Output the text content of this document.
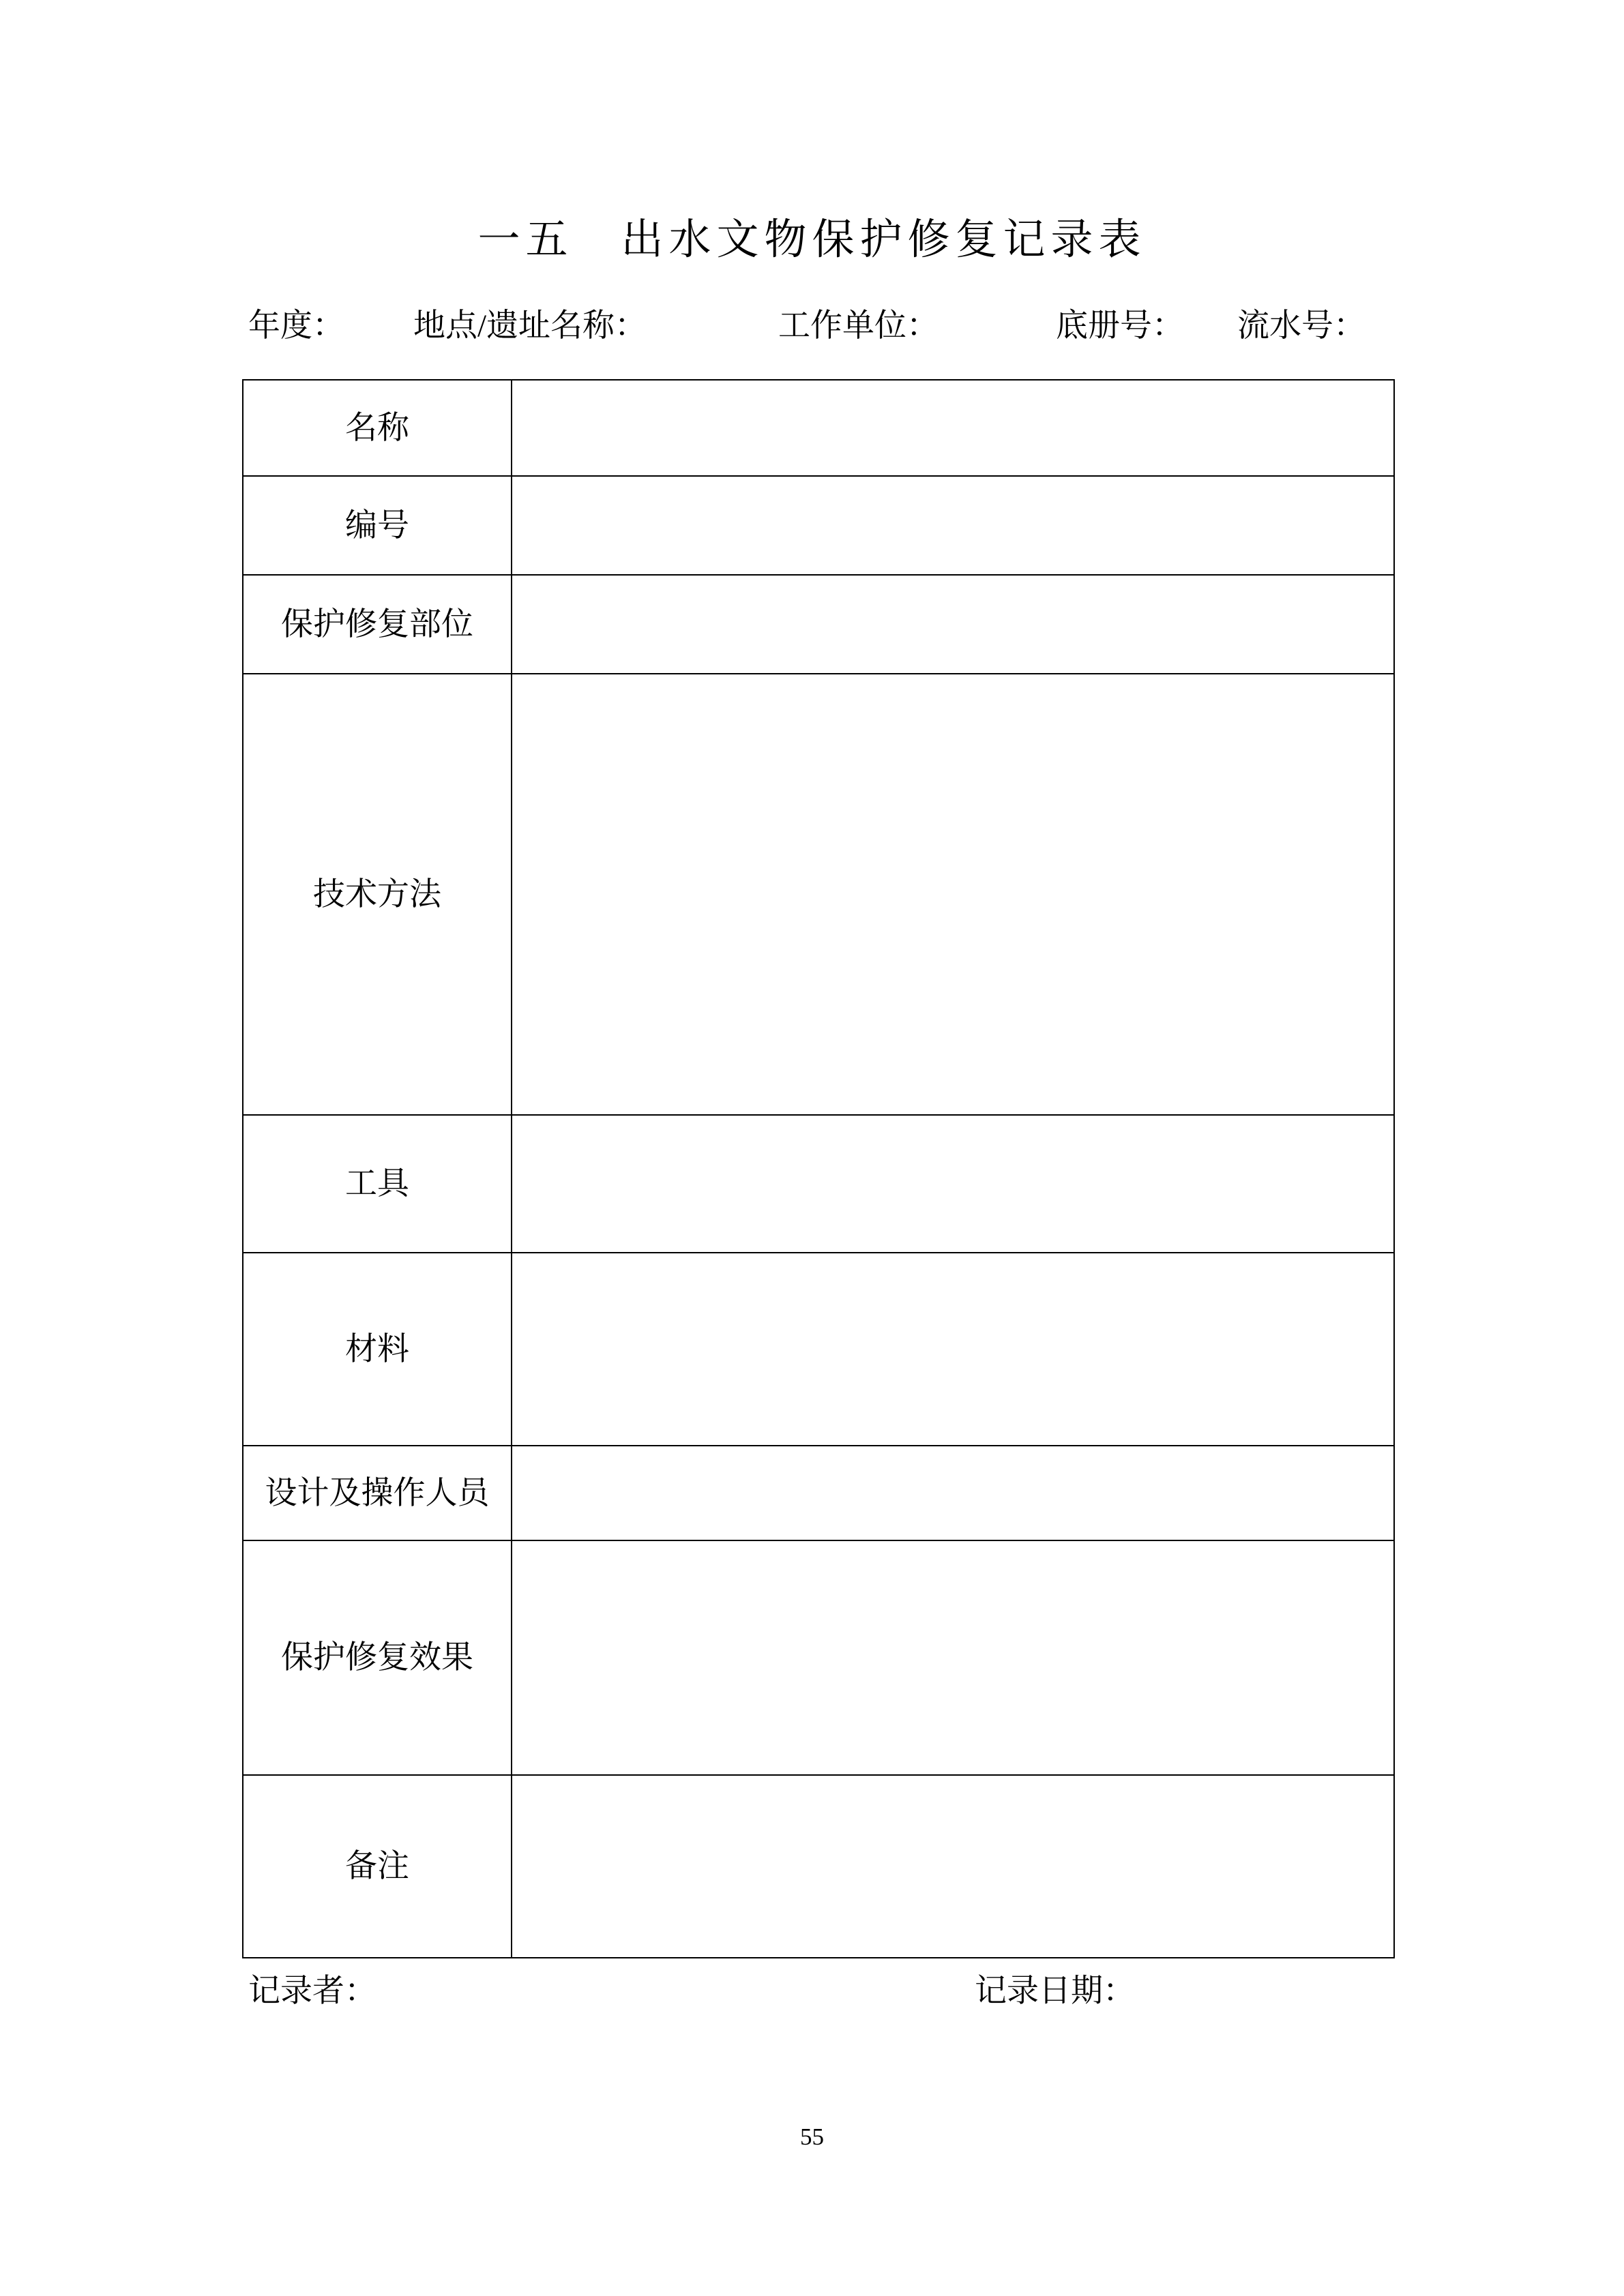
一五　出水文物保护修复记录表
年度： 地点/遗址名称：	工作单位：	底册号： 流水号：
名称	
编号	
保护修复部位	
技术方法	
工具	
材料	
设计及操作人员	
保护修复效果	
备注	
记录者：	记录日期：
55
